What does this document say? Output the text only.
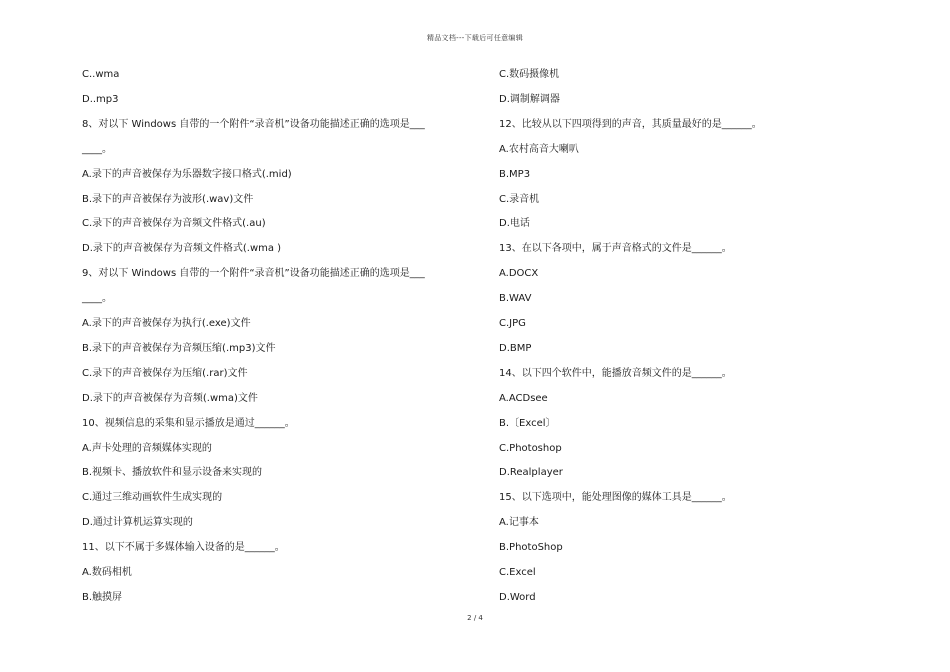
精品文档---下载后可任意编辑
C..wma
D..mp3
8、对以下 Windows 自带的一个附件“录音机”设备功能描述正确的选项是___
____。
A.录下的声音被保存为乐器数字接口格式(.mid)
B.录下的声音被保存为波形(.wav)文件
C.录下的声音被保存为音频文件格式(.au)
D.录下的声音被保存为音频文件格式(.wma )
9、对以下 Windows 自带的一个附件“录音机”设备功能描述正确的选项是___
____。
A.录下的声音被保存为执行(.exe)文件
B.录下的声音被保存为音频压缩(.mp3)文件
C.录下的声音被保存为压缩(.rar)文件
D.录下的声音被保存为音频(.wma)文件
10、视频信息的采集和显示播放是通过______。
A.声卡处理的音频媒体实现的
B.视频卡、播放软件和显示设备来实现的
C.通过三维动画软件生成实现的
D.通过计算机运算实现的
11、以下不属于多媒体输入设备的是______。
A.数码相机
B.触摸屏
C.数码摄像机
D.调制解调器
12、比较从以下四项得到的声音，其质量最好的是______。
A.农村高音大喇叭
B.MP3
C.录音机
D.电话
13、在以下各项中，属于声音格式的文件是______。
A.DOCX
B.WAV
C.JPG
D.BMP
14、以下四个软件中，能播放音频文件的是______。
A.ACDsee
B.〔Excel〕
C.Photoshop
D.Realplayer
15、以下选项中，能处理图像的媒体工具是______。
A.记事本
B.PhotoShop
C.Excel
D.Word
2 / 4
